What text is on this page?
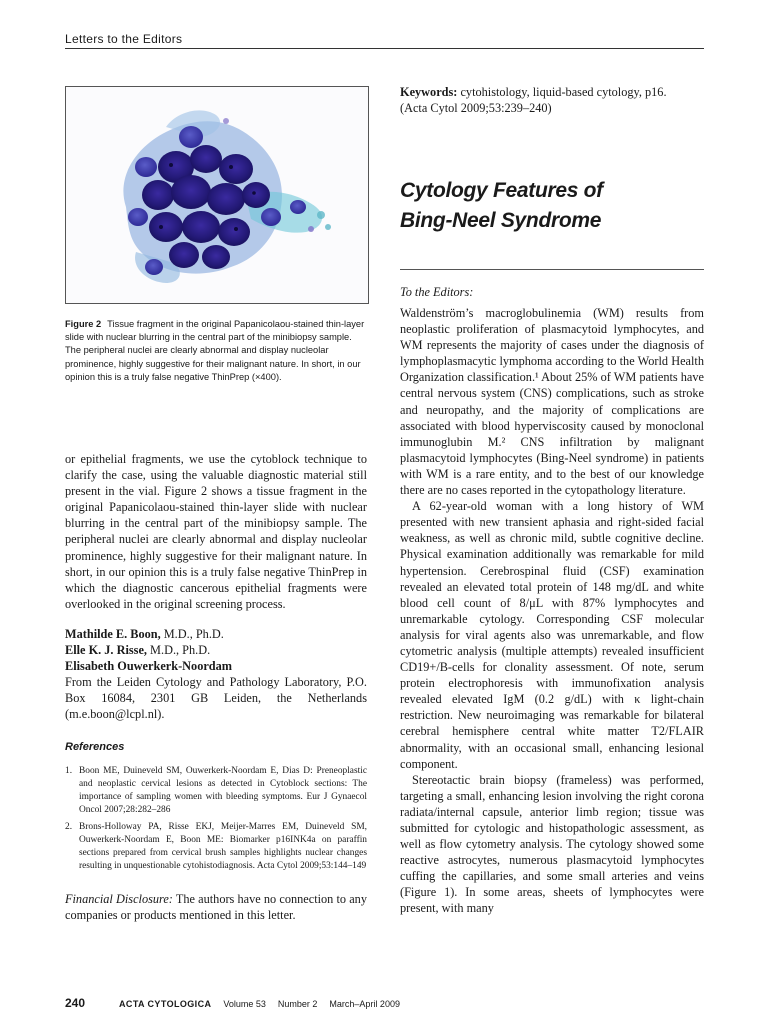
Letters to the Editors
Figure 2 Tissue fragment in the original Papanicolaou-stained thin-layer slide with nuclear blurring in the central part of the minibiopsy sample. The peripheral nuclei are clearly abnormal and display nucleolar prominence, highly suggestive for their malignant nature. In short, in our opinion this is a truly false negative ThinPrep (×400).

or epithelial fragments, we use the cytoblock technique to clarify the case, using the valuable diagnostic material still present in the vial. Figure 2 shows a tissue fragment in the original Papanicolaou-stained thin-layer slide with nuclear blurring in the central part of the minibiopsy sample. The peripheral nuclei are clearly abnormal and display nucleolar prominence, highly suggestive for their malignant nature. In short, in our opinion this is a truly false negative ThinPrep in which the diagnostic cancerous epithelial fragments were overlooked in the original screening process.

Mathilde E. Boon, M.D., Ph.D.
Elle K. J. Risse, M.D., Ph.D.
Elisabeth Ouwerkerk-Noordam
From the Leiden Cytology and Pathology Laboratory, P.O. Box 16084, 2301 GB Leiden, the Netherlands (m.e.boon@lcpl.nl).
References
1. Boon ME, Duineveld SM, Ouwerkerk-Noordam E, Dias D: Preneoplastic and neoplastic cervical lesions as detected in Cytoblock sections: The importance of sampling women with bleeding symptoms. Eur J Gynaecol Oncol 2007;28:282–286
2. Brons-Holloway PA, Risse EKJ, Meijer-Marres EM, Duineveld SM, Ouwerkerk-Noordam E, Boon ME: Biomarker p16INK4a on paraffin sections prepared from cervical brush samples highlights nuclear changes resulting in unquestionable cytohistodiagnosis. Acta Cytol 2009;53:144–149
Financial Disclosure: The authors have no connection to any companies or products mentioned in this letter.
Keywords: cytohistology, liquid-based cytology, p16.
(Acta Cytol 2009;53:239–240)
Cytology Features of
Bing-Neel Syndrome
To the Editors:

Waldenström’s macroglobulinemia (WM) results from neoplastic proliferation of plasmacytoid lymphocytes, and WM represents the majority of cases under the diagnosis of lymphoplasmacytic lymphoma according to the World Health Organization classification.¹ About 25% of WM patients have central nervous system (CNS) complications, such as stroke and neuropathy, and the majority of complications are associated with blood hyperviscosity caused by monoclonal immunoglubin M.² CNS infiltration by malignant plasmacytoid lymphocytes (Bing-Neel syndrome) in patients with WM is a rare entity, and to the best of our knowledge there are no cases reported in the cytopathology literature.

A 62-year-old woman with a long history of WM presented with new transient aphasia and right-sided facial weakness, as well as chronic mild, subtle cognitive decline. Physical examination additionally was remarkable for mild hypertension. Cerebrospinal fluid (CSF) examination revealed an elevated total protein of 148 mg/dL and white blood cell count of 8/μL with 87% lymphocytes and unremarkable cytology. Corresponding CSF molecular analysis for viral agents also was unremarkable, and flow cytometric analysis (multiple attempts) revealed insufficient CD19+/B-cells for clonality assessment. Of note, serum protein electrophoresis with immunofixation analysis revealed elevated IgM (0.2 g/dL) with κ light-chain restriction. New neuroimaging was remarkable for bilateral cerebral hemisphere central white matter T2/FLAIR abnormality, with an occasional small, enhancing lesional component.

Stereotactic brain biopsy (frameless) was performed, targeting a small, enhancing lesion involving the right corona radiata/internal capsule, anterior limb region; tissue was submitted for cytologic and histopathologic assessment, as well as flow cytometry analysis. The cytology showed some reactive astrocytes, numerous plasmacytoid lymphocytes cuffing the capillaries, and some small arteries and veins (Figure 1). In some areas, sheets of lymphocytes were present, with many

240	ACTA CYTOLOGICA Volume 53 Number 2 March–April 2009
